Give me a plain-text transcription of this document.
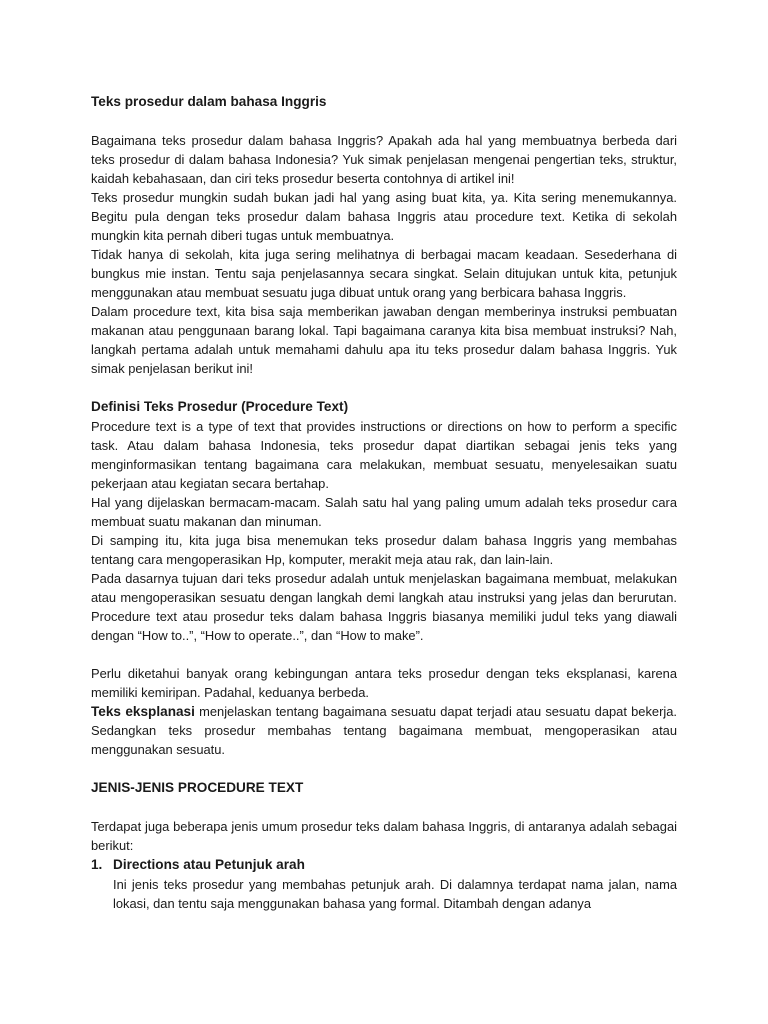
Teks prosedur dalam bahasa Inggris

Bagaimana teks prosedur dalam bahasa Inggris? Apakah ada hal yang membuatnya berbeda dari teks prosedur di dalam bahasa Indonesia? Yuk simak penjelasan mengenai pengertian teks, struktur, kaidah kebahasaan, dan ciri teks prosedur beserta contohnya di artikel ini!

Teks prosedur mungkin sudah bukan jadi hal yang asing buat kita, ya. Kita sering menemukannya. Begitu pula dengan teks prosedur dalam bahasa Inggris atau procedure text. Ketika di sekolah mungkin kita pernah diberi tugas untuk membuatnya.

Tidak hanya di sekolah, kita juga sering melihatnya di berbagai macam keadaan. Sesederhana di bungkus mie instan. Tentu saja penjelasannya secara singkat. Selain ditujukan untuk kita, petunjuk menggunakan atau membuat sesuatu juga dibuat untuk orang yang berbicara bahasa Inggris.

Dalam procedure text, kita bisa saja memberikan jawaban dengan memberinya instruksi pembuatan makanan atau penggunaan barang lokal. Tapi bagaimana caranya kita bisa membuat instruksi? Nah, langkah pertama adalah untuk memahami dahulu apa itu teks prosedur dalam bahasa Inggris. Yuk simak penjelasan berikut ini!

Definisi Teks Prosedur (Procedure Text)

Procedure text is a type of text that provides instructions or directions on how to perform a specific task. Atau dalam bahasa Indonesia, teks prosedur dapat diartikan sebagai jenis teks yang menginformasikan tentang bagaimana cara melakukan, membuat sesuatu, menyelesaikan suatu pekerjaan atau kegiatan secara bertahap.

Hal yang dijelaskan bermacam-macam. Salah satu hal yang paling umum adalah teks prosedur cara membuat suatu makanan dan minuman.

Di samping itu, kita juga bisa menemukan teks prosedur dalam bahasa Inggris yang membahas tentang cara mengoperasikan Hp, komputer, merakit meja atau rak, dan lain-lain.

Pada dasarnya tujuan dari teks prosedur adalah untuk menjelaskan bagaimana membuat, melakukan atau mengoperasikan sesuatu dengan langkah demi langkah atau instruksi yang jelas dan berurutan. Procedure text atau prosedur teks dalam bahasa Inggris biasanya memiliki judul teks yang diawali dengan “How to..”, “How to operate..”, dan “How to make”.

Perlu diketahui banyak orang kebingungan antara teks prosedur dengan teks eksplanasi, karena memiliki kemiripan. Padahal, keduanya berbeda.

Teks eksplanasi menjelaskan tentang bagaimana sesuatu dapat terjadi atau sesuatu dapat bekerja. Sedangkan teks prosedur membahas tentang bagaimana membuat, mengoperasikan atau menggunakan sesuatu.

JENIS-JENIS PROCEDURE TEXT

Terdapat juga beberapa jenis umum prosedur teks dalam bahasa Inggris, di antaranya adalah sebagai berikut:

1. Directions atau Petunjuk arah

Ini jenis teks prosedur yang membahas petunjuk arah. Di dalamnya terdapat nama jalan, nama lokasi, dan tentu saja menggunakan bahasa yang formal. Ditambah dengan adanya
